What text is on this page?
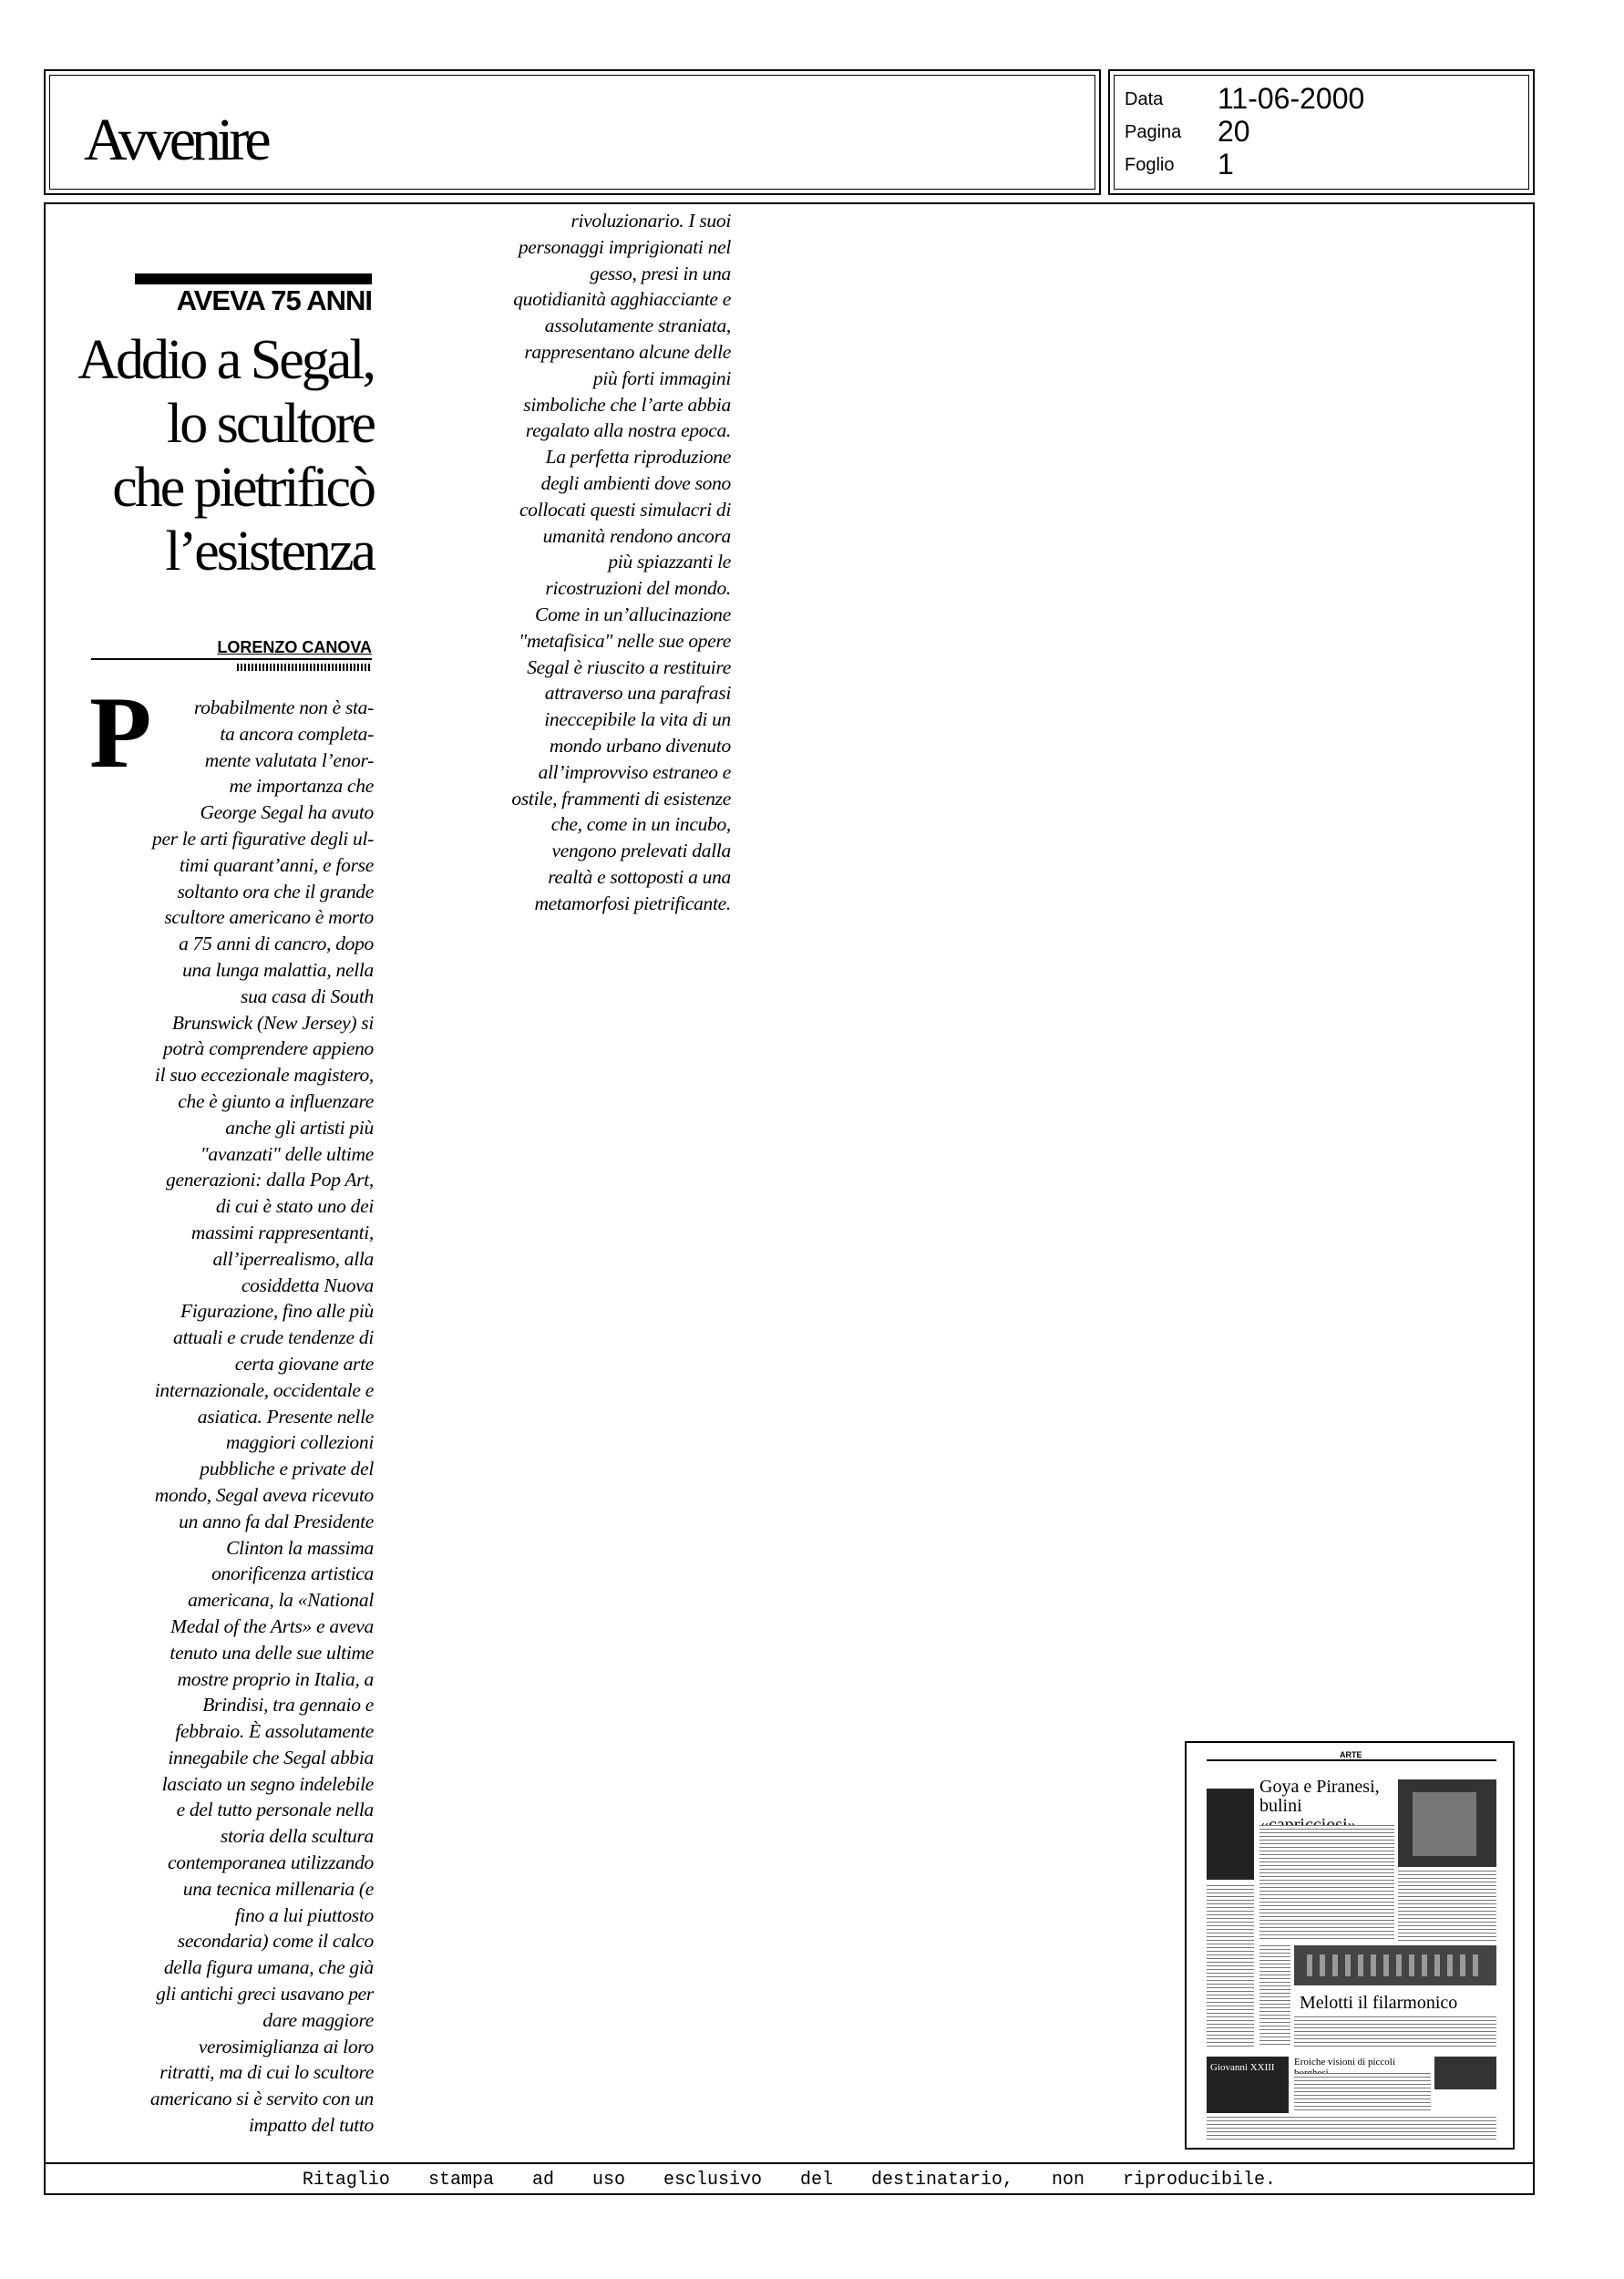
Avvenire
Data 11-06-2000
Pagina 20
Foglio 1
AVEVA 75 ANNI
Addio a Segal,
lo scultore
che pietrificò
l’esistenza
LORENZO CANOVA
P	robabilmente non è sta-
ta ancora completa-
mente valutata l’enor-
me importanza che
George Segal ha avuto
per le arti figurative degli ul-
timi quarant’anni, e forse
soltanto ora che il grande
scultore americano è morto
a 75 anni di cancro, dopo
una lunga malattia, nella
sua casa di South
Brunswick (New Jersey) si
potrà comprendere appieno
il suo eccezionale magistero,
che è giunto a influenzare
anche gli artisti più
"avanzati" delle ultime
generazioni: dalla Pop Art,
di cui è stato uno dei
massimi rappresentanti,
all’iperrealismo, alla
cosiddetta Nuova
Figurazione, fino alle più
attuali e crude tendenze di
certa giovane arte
internazionale, occidentale e
asiatica. Presente nelle
maggiori collezioni
pubbliche e private del
mondo, Segal aveva ricevuto
un anno fa dal Presidente
Clinton la massima
onorificenza artistica
americana, la «National
Medal of the Arts» e aveva
tenuto una delle sue ultime
mostre proprio in Italia, a
Brindisi, tra gennaio e
febbraio. È assolutamente
innegabile che Segal abbia
lasciato un segno indelebile
e del tutto personale nella
storia della scultura
contemporanea utilizzando
una tecnica millenaria (e
fino a lui piuttosto
secondaria) come il calco
della figura umana, che già
gli antichi greci usavano per
dare maggiore
verosimiglianza ai loro
ritratti, ma di cui lo scultore
americano si è servito con un
impatto del tutto
rivoluzionario. I suoi
personaggi imprigionati nel
gesso, presi in una
quotidianità agghiacciante e
assolutamente straniata,
rappresentano alcune delle
più forti immagini
simboliche che l’arte abbia
regalato alla nostra epoca.
La perfetta riproduzione
degli ambienti dove sono
collocati questi simulacri di
umanità rendono ancora
più spiazzanti le
ricostruzioni del mondo.
Come in un’allucinazione
"metafisica" nelle sue opere
Segal è riuscito a restituire
attraverso una parafrasi
ineccepibile la vita di un
mondo urbano divenuto
all’improvviso estraneo e
ostile, frammenti di esistenze
che, come in un incubo,
vengono prelevati dalla
realtà e sottoposti a una
metamorfosi pietrificante.
ARTE
Goya e Piranesi, bulini
Melotti il filarmonico
Giovanni XXIII Eroiche visioni di piccoli
Ritaglio stampa ad uso esclusivo del destinatario, non riproducibile.
